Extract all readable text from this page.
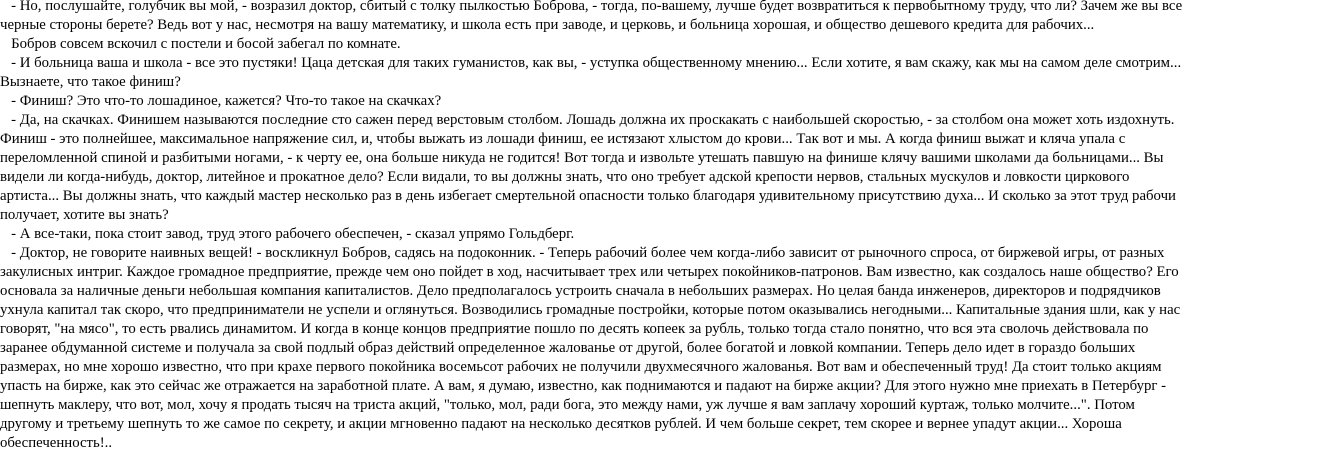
- Но, послушайте, голубчик вы мой, - возразил доктор, сбитый с толку пылкостью Боброва, - тогда, по-вашему, лучше будет возвратиться к первобытному труду, что ли? Зачем же вы все
черные стороны берете? Ведь вот у нас, несмотря на вашу математику, и школа есть при заводе, и церковь, и больница хорошая, и общество дешевого кредита для рабочих...
Бобров совсем вскочил с постели и босой забегал по комнате.
- И больница ваша и школа - все это пустяки! Цаца детская для таких гуманистов, как вы, - уступка общественному мнению... Если хотите, я вам скажу, как мы на самом деле смотрим...
Вызнаете, что такое финиш?
- Финиш? Это что-то лошадиное, кажется? Что-то такое на скачках?
- Да, на скачках. Финишем называются последние сто сажен перед верстовым столбом. Лошадь должна их проскакать с наибольшей скоростью, - за столбом она может хоть издохнуть.
Финиш - это полнейшее, максимальное напряжение сил, и, чтобы выжать из лошади финиш, ее истязают хлыстом до крови... Так вот и мы. А когда финиш выжат и кляча упала с
переломленной спиной и разбитыми ногами, - к черту ее, она больше никуда не годится! Вот тогда и извольте утешать павшую на финише клячу вашими школами да больницами... Вы
видели ли когда-нибудь, доктор, литейное и прокатное дело? Если видали, то вы должны знать, что оно требует адской крепости нервов, стальных мускулов и ловкости циркового
артиста... Вы должны знать, что каждый мастер несколько раз в день избегает смертельной опасности только благодаря удивительному присутствию духа... И сколько за этот труд рабочи
получает, хотите вы знать?
- А все-таки, пока стоит завод, труд этого рабочего обеспечен, - сказал упрямо Гольдберг.
- Доктор, не говорите наивных вещей! - воскликнул Бобров, садясь на подоконник. - Теперь рабочий более чем когда-либо зависит от рыночного спроса, от биржевой игры, от разных
закулисных интриг. Каждое громадное предприятие, прежде чем оно пойдет в ход, насчитывает трех или четырех покойников-патронов. Вам известно, как создалось наше общество? Его
основала за наличные деньги небольшая компания капиталистов. Дело предполагалось устроить сначала в небольших размерах. Но целая банда инженеров, директоров и подрядчиков
ухнула капитал так скоро, что предприниматели не успели и оглянуться. Возводились громадные постройки, которые потом оказывались негодными... Капитальные здания шли, как у нас
говорят, "на мясо", то есть рвались динамитом. И когда в конце концов предприятие пошло по десять копеек за рубль, только тогда стало понятно, что вся эта сволочь действовала по
заранее обдуманной системе и получала за свой подлый образ действий определенное жалованье от другой, более богатой и ловкой компании. Теперь дело идет в гораздо больших
размерах, но мне хорошо известно, что при крахе первого покойника восемьсот рабочих не получили двухмесячного жалованья. Вот вам и обеспеченный труд! Да стоит только акциям
упасть на бирже, как это сейчас же отражается на заработной плате. А вам, я думаю, известно, как поднимаются и падают на бирже акции? Для этого нужно мне приехать в Петербург -
шепнуть маклеру, что вот, мол, хочу я продать тысяч на триста акций, "только, мол, ради бога, это между нами, уж лучше я вам заплачу хороший куртаж, только молчите...". Потом
другому и третьему шепнуть то же самое по секрету, и акции мгновенно падают на несколько десятков рублей. И чем больше секрет, тем скорее и вернее упадут акции... Хороша
обеспеченность!..
